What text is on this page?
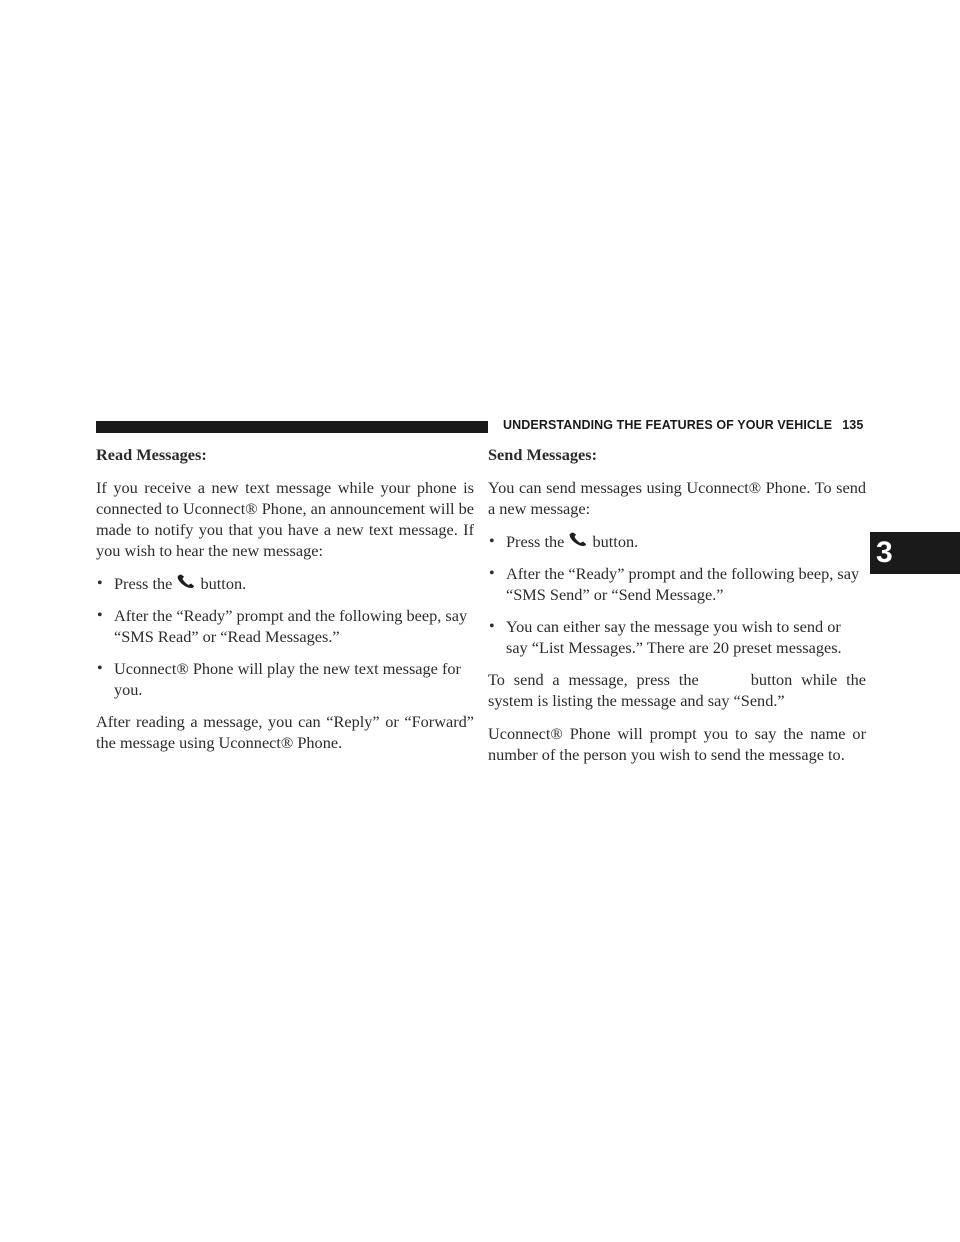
UNDERSTANDING THE FEATURES OF YOUR VEHICLE 135
3

Read Messages:

If you receive a new text message while your phone is connected to Uconnect® Phone, an announcement will be made to notify you that you have a new text message. If you wish to hear the new message:

• Press the button.
• After the “Ready” prompt and the following beep, say “SMS Read” or “Read Messages.”
• Uconnect® Phone will play the new text message for you.

After reading a message, you can “Reply” or “Forward” the message using Uconnect® Phone.

Send Messages:

You can send messages using Uconnect® Phone. To send a new message:

• Press the button.
• After the “Ready” prompt and the following beep, say “SMS Send” or “Send Message.”
• You can either say the message you wish to send or say “List Messages.” There are 20 preset messages.

To send a message, press the	button while the system is listing the message and say “Send.”

Uconnect® Phone will prompt you to say the name or number of the person you wish to send the message to.
